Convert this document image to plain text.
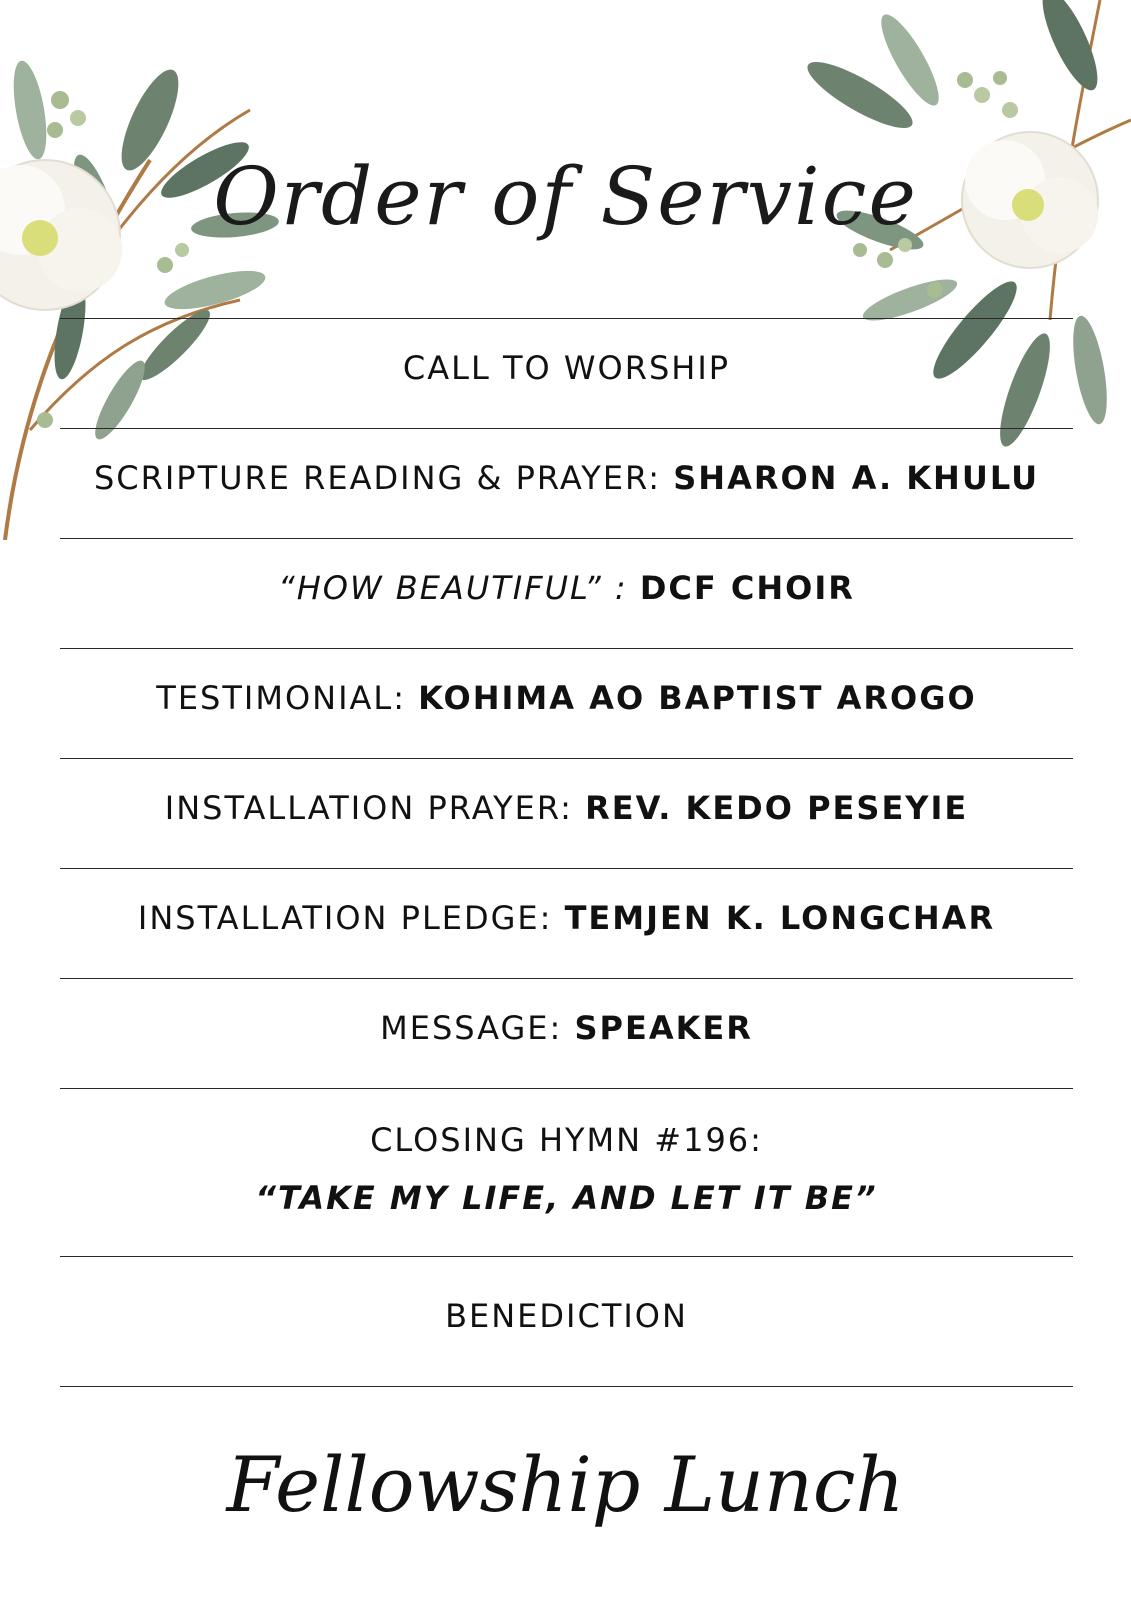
Order of Service
CALL TO WORSHIP
SCRIPTURE READING & PRAYER: SHARON A. KHULU
“HOW BEAUTIFUL” : DCF CHOIR
TESTIMONIAL: KOHIMA AO BAPTIST AROGO
INSTALLATION PRAYER: REV. KEDO PESEYIE
INSTALLATION PLEDGE: TEMJEN K. LONGCHAR
MESSAGE: SPEAKER
CLOSING HYMN #196:
“TAKE MY LIFE, AND LET IT BE”
BENEDICTION
Fellowship Lunch
